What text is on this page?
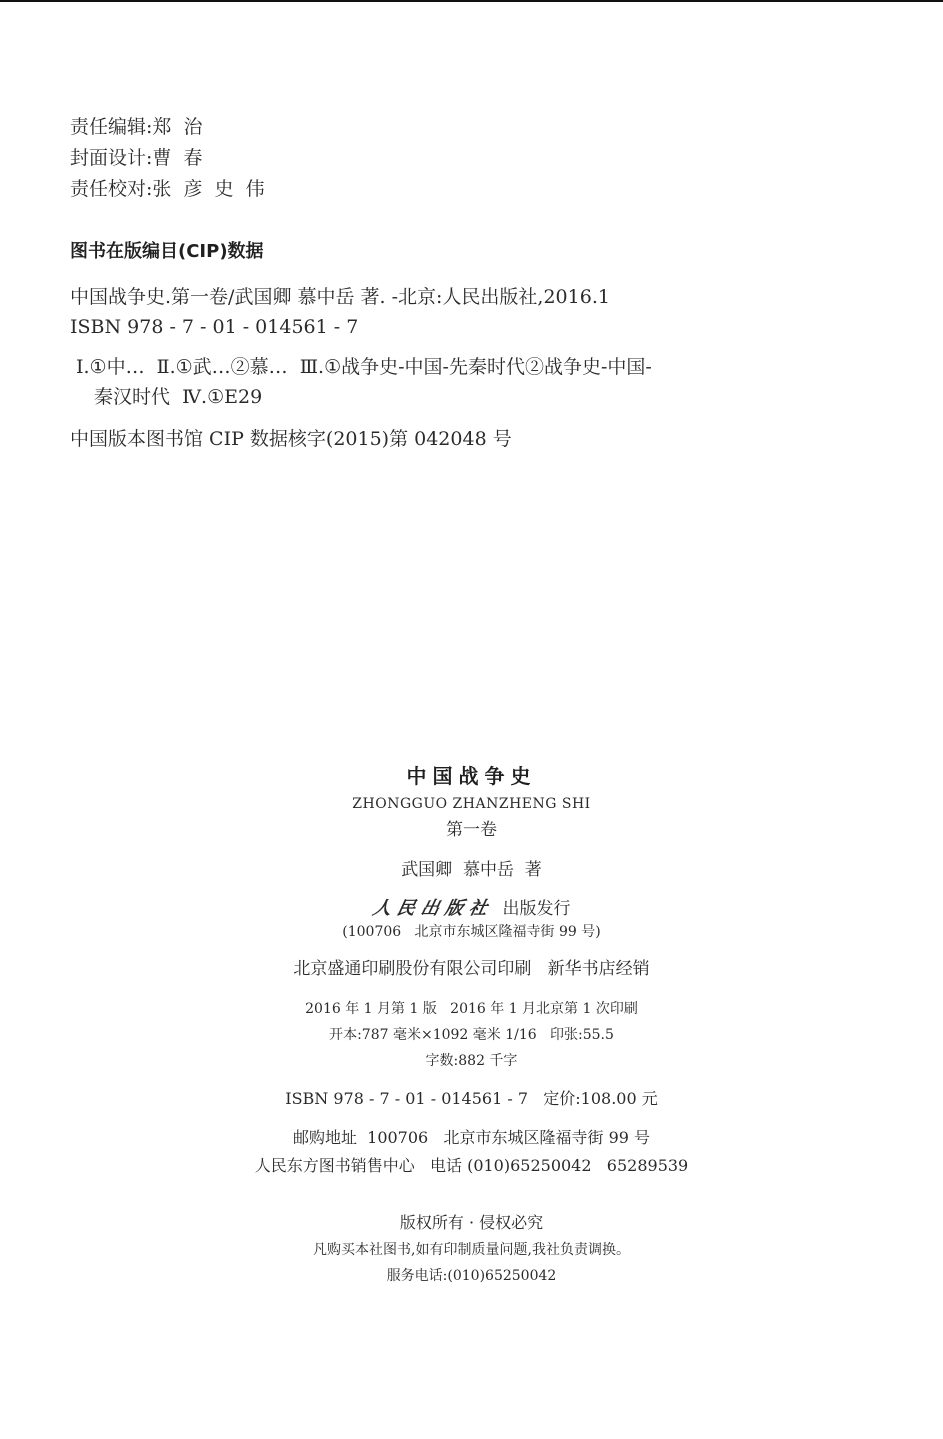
责任编辑:郑  治
封面设计:曹  春
责任校对:张  彦  史  伟
图书在版编目(CIP)数据
中国战争史.第一卷/武国卿 慕中岳 著. -北京:人民出版社,2016.1
ISBN 978 - 7 - 01 - 014561 - 7
Ⅰ.①中…  Ⅱ.①武…②慕…  Ⅲ.①战争史-中国-先秦时代②战争史-中国-
秦汉时代  Ⅳ.①E29
中国版本图书馆 CIP 数据核字(2015)第 042048 号
中国战争史
ZHONGGUO ZHANZHENG SHI
第一卷
武国卿  慕中岳  著
人民出版社 出版发行
(100706   北京市东城区隆福寺街 99 号)
北京盛通印刷股份有限公司印刷   新华书店经销
2016 年 1 月第 1 版   2016 年 1 月北京第 1 次印刷
开本:787 毫米×1092 毫米 1/16   印张:55.5
字数:882 千字
ISBN 978 - 7 - 01 - 014561 - 7   定价:108.00 元
邮购地址  100706   北京市东城区隆福寺街 99 号
人民东方图书销售中心   电话 (010)65250042   65289539
版权所有 · 侵权必究
凡购买本社图书,如有印制质量问题,我社负责调换。
服务电话:(010)65250042
